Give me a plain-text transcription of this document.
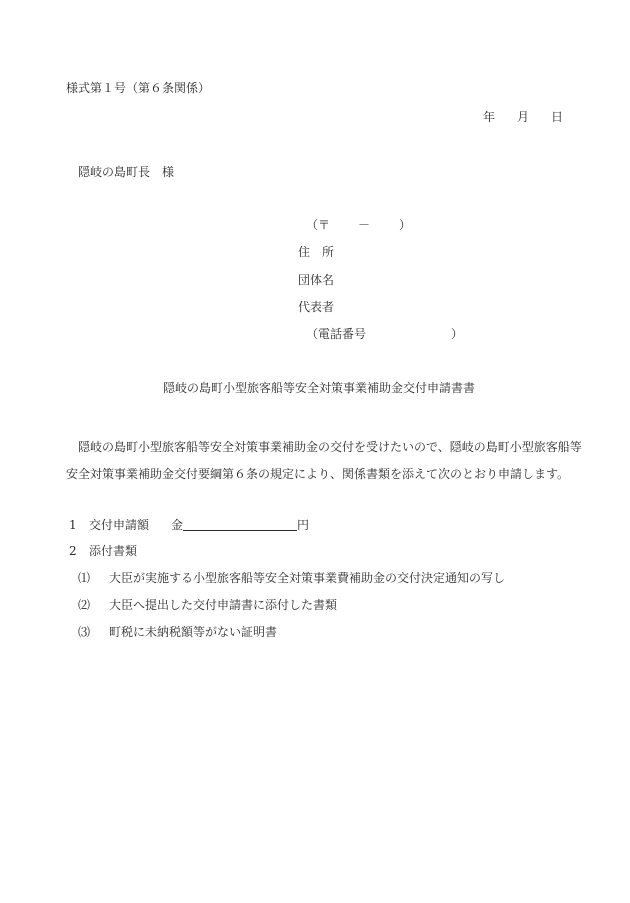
様式第１号（第６条関係）
年 月 日
隠岐の島町長 様
（〒 － ）
住 所
団体名
代表者
（電話番号	）
隠岐の島町小型旅客船等安全対策事業補助金交付申請書書

隠岐の島町小型旅客船等安全対策事業補助金の交付を受けたいので、隠岐の島町小型旅客船等

安全対策事業補助金交付要綱第６条の規定により、関係書類を添えて次のとおり申請します。

1 交付申請額 金	円
2 添付書類
⑴ 大臣が実施する小型旅客船等安全対策事業費補助金の交付決定通知の写し
⑵ 大臣へ提出した交付申請書に添付した書類
⑶ 町税に未納税額等がない証明書
